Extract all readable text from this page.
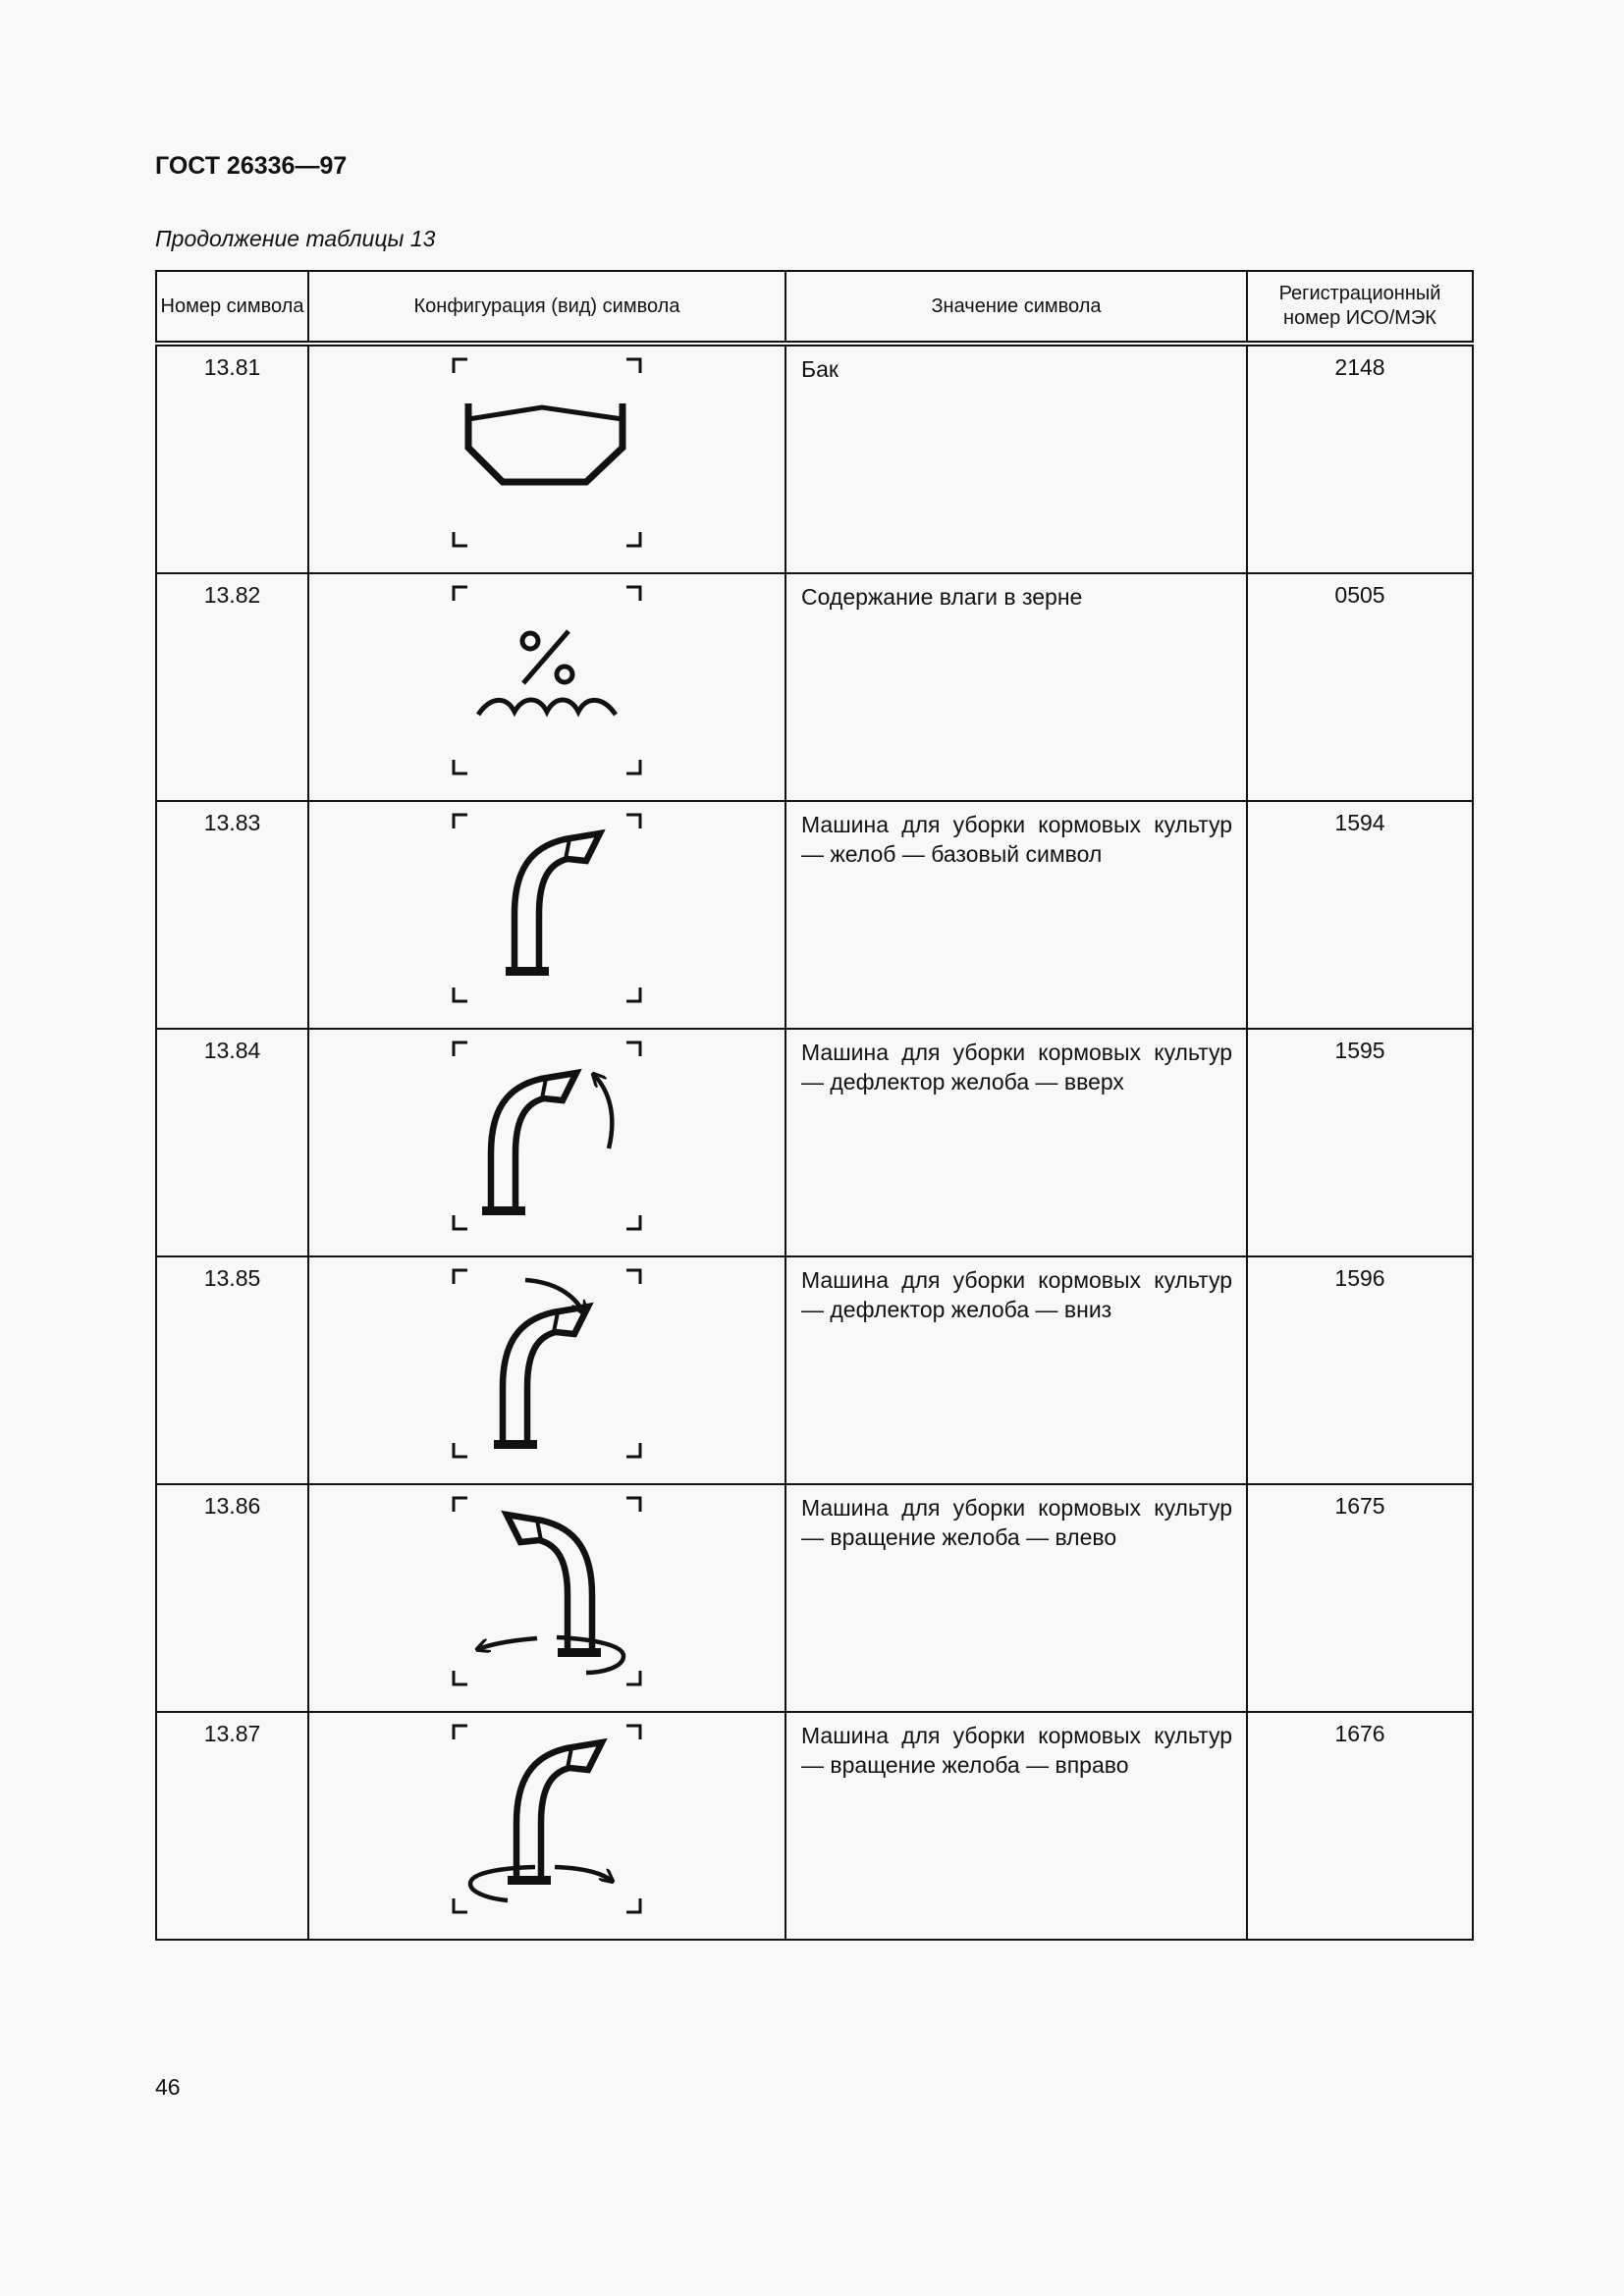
ГОСТ 26336—97
Продолжение таблицы 13
Номер символа	Конфигурация (вид) символа	Значение символа	Регистрационный номер ИСО/МЭК
13.81		Бак	2148
13.82		Содержание влаги в зерне	0505
13.83		Машина для уборки кормовых культур — желоб — базовый символ	1594
13.84		Машина для уборки кормовых культур — дефлектор желоба — вверх	1595
13.85		Машина для уборки кормовых культур — дефлектор желоба — вниз	1596
13.86		Машина для уборки кормовых культур — вращение желоба — влево	1675
13.87		Машина для уборки кормовых культур — вращение желоба — вправо	1676
46
